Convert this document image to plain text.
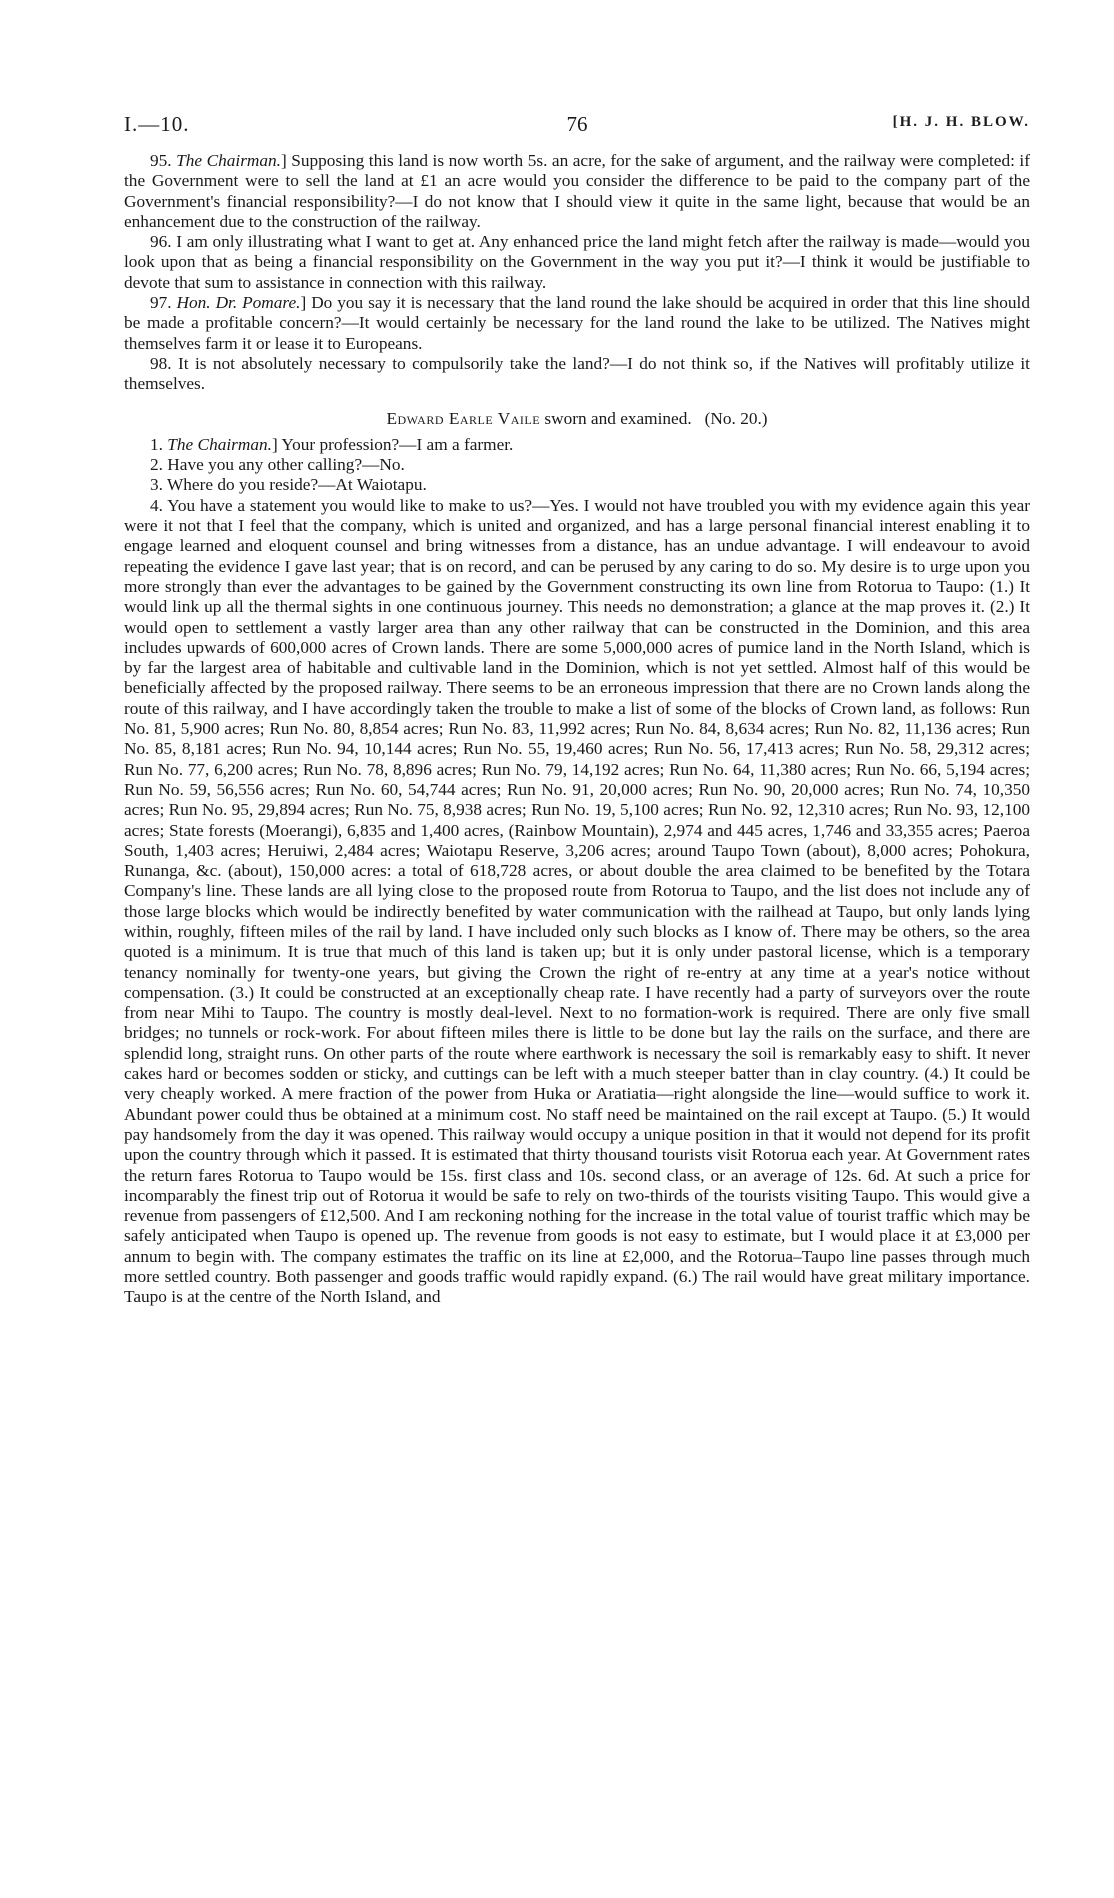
I.—10.	76	[H. J. H. BLOW.

95. The Chairman.] Supposing this land is now worth 5s. an acre, for the sake of argument, and the railway were completed: if the Government were to sell the land at £1 an acre would you consider the difference to be paid to the company part of the Government's financial responsibility?—I do not know that I should view it quite in the same light, because that would be an enhancement due to the construction of the railway.

96. I am only illustrating what I want to get at. Any enhanced price the land might fetch after the railway is made—would you look upon that as being a financial responsibility on the Government in the way you put it?—I think it would be justifiable to devote that sum to assistance in connection with this railway.

97. Hon. Dr. Pomare.] Do you say it is necessary that the land round the lake should be acquired in order that this line should be made a profitable concern?—It would certainly be necessary for the land round the lake to be utilized. The Natives might themselves farm it or lease it to Europeans.

98. It is not absolutely necessary to compulsorily take the land?—I do not think so, if the Natives will profitably utilize it themselves.

Edward Earle Vaile sworn and examined. (No. 20.)

1. The Chairman.] Your profession?—I am a farmer.

2. Have you any other calling?—No.

3. Where do you reside?—At Waiotapu.

4. You have a statement you would like to make to us?—Yes. I would not have troubled you with my evidence again this year were it not that I feel that the company, which is united and organized, and has a large personal financial interest enabling it to engage learned and eloquent counsel and bring witnesses from a distance, has an undue advantage. I will endeavour to avoid repeating the evidence I gave last year; that is on record, and can be perused by any caring to do so. My desire is to urge upon you more strongly than ever the advantages to be gained by the Government constructing its own line from Rotorua to Taupo: (1.) It would link up all the thermal sights in one continuous journey. This needs no demonstration; a glance at the map proves it. (2.) It would open to settlement a vastly larger area than any other railway that can be constructed in the Dominion, and this area includes upwards of 600,000 acres of Crown lands. There are some 5,000,000 acres of pumice land in the North Island, which is by far the largest area of habitable and cultivable land in the Dominion, which is not yet settled. Almost half of this would be beneficially affected by the proposed railway. There seems to be an erroneous impression that there are no Crown lands along the route of this railway, and I have accordingly taken the trouble to make a list of some of the blocks of Crown land, as follows: Run No. 81, 5,900 acres; Run No. 80, 8,854 acres; Run No. 83, 11,992 acres; Run No. 84, 8,634 acres; Run No. 82, 11,136 acres; Run No. 85, 8,181 acres; Run No. 94, 10,144 acres; Run No. 55, 19,460 acres; Run No. 56, 17,413 acres; Run No. 58, 29,312 acres; Run No. 77, 6,200 acres; Run No. 78, 8,896 acres; Run No. 79, 14,192 acres; Run No. 64, 11,380 acres; Run No. 66, 5,194 acres; Run No. 59, 56,556 acres; Run No. 60, 54,744 acres; Run No. 91, 20,000 acres; Run No. 90, 20,000 acres; Run No. 74, 10,350 acres; Run No. 95, 29,894 acres; Run No. 75, 8,938 acres; Run No. 19, 5,100 acres; Run No. 92, 12,310 acres; Run No. 93, 12,100 acres; State forests (Moerangi), 6,835 and 1,400 acres, (Rainbow Mountain), 2,974 and 445 acres, 1,746 and 33,355 acres; Paeroa South, 1,403 acres; Heruiwi, 2,484 acres; Waiotapu Reserve, 3,206 acres; around Taupo Town (about), 8,000 acres; Pohokura, Runanga, &c. (about), 150,000 acres: a total of 618,728 acres, or about double the area claimed to be benefited by the Totara Company's line. These lands are all lying close to the proposed route from Rotorua to Taupo, and the list does not include any of those large blocks which would be indirectly benefited by water communication with the railhead at Taupo, but only lands lying within, roughly, fifteen miles of the rail by land. I have included only such blocks as I know of. There may be others, so the area quoted is a minimum. It is true that much of this land is taken up; but it is only under pastoral license, which is a temporary tenancy nominally for twenty-one years, but giving the Crown the right of re-entry at any time at a year's notice without compensation. (3.) It could be constructed at an exceptionally cheap rate. I have recently had a party of surveyors over the route from near Mihi to Taupo. The country is mostly deal-level. Next to no formation-work is required. There are only five small bridges; no tunnels or rock-work. For about fifteen miles there is little to be done but lay the rails on the surface, and there are splendid long, straight runs. On other parts of the route where earthwork is necessary the soil is remarkably easy to shift. It never cakes hard or becomes sodden or sticky, and cuttings can be left with a much steeper batter than in clay country. (4.) It could be very cheaply worked. A mere fraction of the power from Huka or Aratiatia—right alongside the line—would suffice to work it. Abundant power could thus be obtained at a minimum cost. No staff need be maintained on the rail except at Taupo. (5.) It would pay handsomely from the day it was opened. This railway would occupy a unique position in that it would not depend for its profit upon the country through which it passed. It is estimated that thirty thousand tourists visit Rotorua each year. At Government rates the return fares Rotorua to Taupo would be 15s. first class and 10s. second class, or an average of 12s. 6d. At such a price for incomparably the finest trip out of Rotorua it would be safe to rely on two-thirds of the tourists visiting Taupo. This would give a revenue from passengers of £12,500. And I am reckoning nothing for the increase in the total value of tourist traffic which may be safely anticipated when Taupo is opened up. The revenue from goods is not easy to estimate, but I would place it at £3,000 per annum to begin with. The company estimates the traffic on its line at £2,000, and the Rotorua–Taupo line passes through much more settled country. Both passenger and goods traffic would rapidly expand. (6.) The rail would have great military importance. Taupo is at the centre of the North Island, and
